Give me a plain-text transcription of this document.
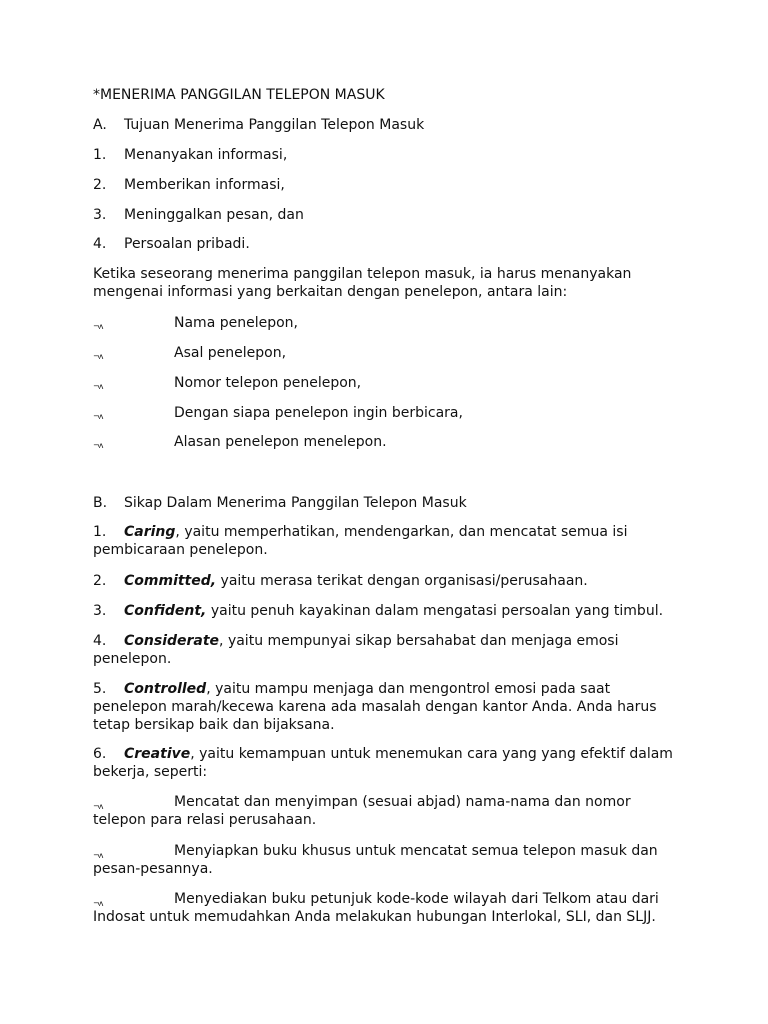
*MENERIMA PANGGILAN TELEPON MASUK

A. Tujuan Menerima Panggilan Telepon Masuk

1. Menanyakan informasi,

2. Memberikan informasi,

3. Meninggalkan pesan, dan

4. Persoalan pribadi.

Ketika seseorang menerima panggilan telepon masuk, ia harus menanyakan mengenai informasi yang berkaitan dengan penelepon, antara lain:

¬ʌ	Nama penelepon,

¬ʌ	Asal penelepon,

¬ʌ	Nomor telepon penelepon,

¬ʌ	Dengan siapa penelepon ingin berbicara,

¬ʌ	Alasan penelepon menelepon.

B. Sikap Dalam Menerima Panggilan Telepon Masuk

1. Caring, yaitu memperhatikan, mendengarkan, dan mencatat semua isi pembicaraan penelepon.

2. Committed, yaitu merasa terikat dengan organisasi/perusahaan.

3. Confident, yaitu penuh kayakinan dalam mengatasi persoalan yang timbul.

4. Considerate, yaitu mempunyai sikap bersahabat dan menjaga emosi penelepon.

5. Controlled, yaitu mampu menjaga dan mengontrol emosi pada saat penelepon marah/kecewa karena ada masalah dengan kantor Anda. Anda harus tetap bersikap baik dan bijaksana.

6. Creative, yaitu kemampuan untuk menemukan cara yang yang efektif dalam bekerja, seperti:

¬ʌ	Mencatat dan menyimpan (sesuai abjad) nama-nama dan nomor telepon para relasi perusahaan.

¬ʌ	Menyiapkan buku khusus untuk mencatat semua telepon masuk dan pesan-pesannya.

¬ʌ	Menyediakan buku petunjuk kode-kode wilayah dari Telkom atau dari Indosat untuk memudahkan Anda melakukan hubungan Interlokal, SLI, dan SLJJ.
